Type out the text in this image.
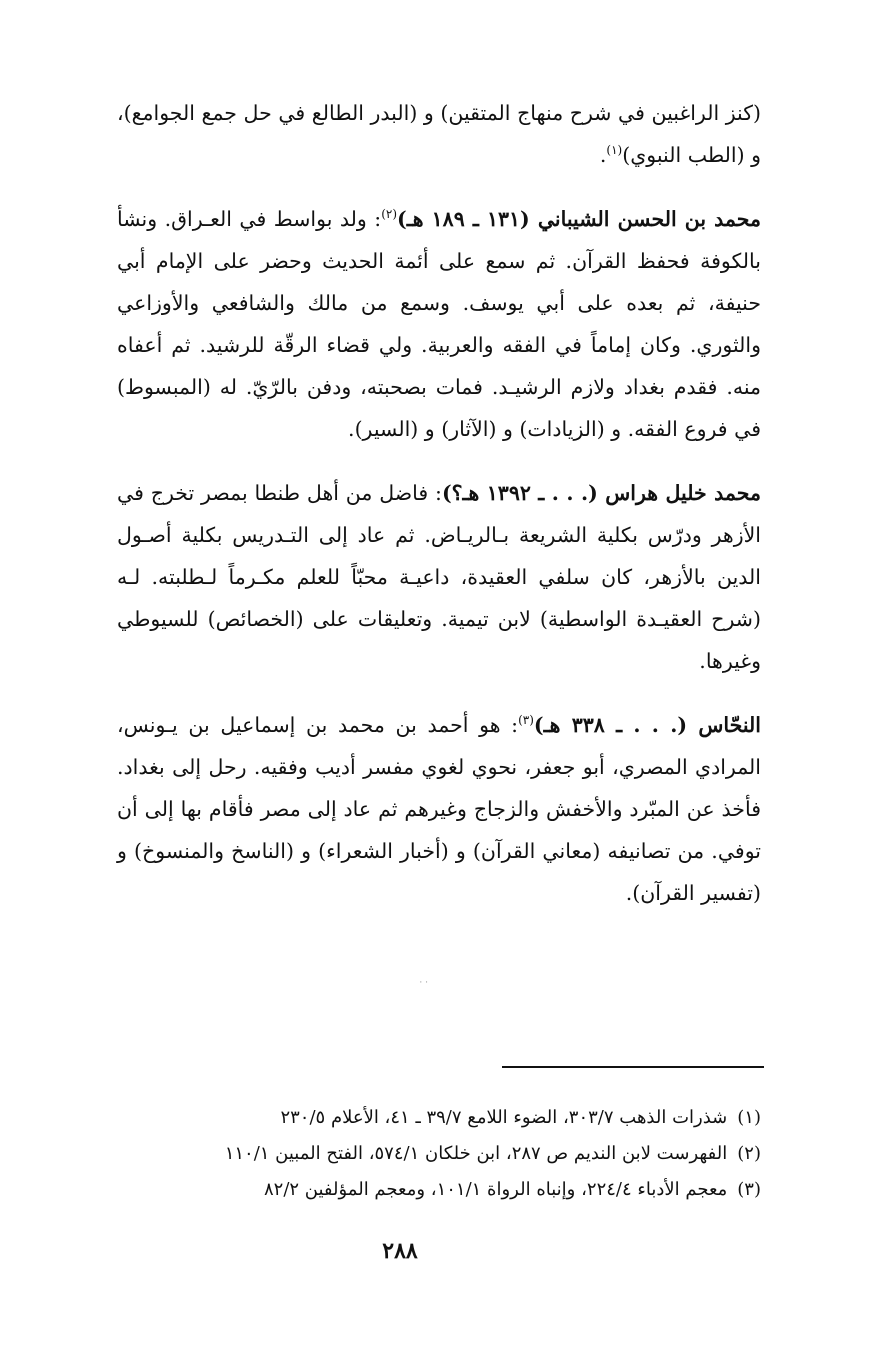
(كنز الراغبين في شرح منهاج المتقين) و (البدر الطالع في حل جمع الجوامع)، و (الطب النبوي)$^{(١)}$.

محمد بن الحسن الشيباني (١٣١ ـ ١٨٩ هـ)$^{(٢)}$: ولد بواسط في العـراق. ونشأ بالكوفة فحفظ القرآن. ثم سمع على أئمة الحديث وحضر على الإمام أبي حنيفة، ثم بعده على أبي يوسف. وسمع من مالك والشافعي والأوزاعي والثوري. وكان إماماً في الفقه والعربية. ولي قضاء الرقّة للرشيد. ثم أعفاه منه. فقدم بغداد ولازم الرشيـد. فمات بصحبته، ودفن بالرّيّ. له (المبسوط) في فروع الفقه. و (الزيادات) و (الآثار) و (السير).

محمد خليل هراس (. . . ـ ١٣٩٢ هـ؟): فاضل من أهل طنطا بمصر تخرج في الأزهر ودرّس بكلية الشريعة بـالريـاض. ثم عاد إلى التـدريس بكلية أصـول الدين بالأزهر، كان سلفي العقيدة، داعيـة محبّاً للعلم مكـرماً لـطلبته. لـه (شرح العقيـدة الواسطية) لابن تيمية. وتعليقات على (الخصائص) للسيوطي وغيرها.

النحّاس (. . . ـ ٣٣٨ هـ)$^{(٣)}$: هو أحمد بن محمد بن إسماعيل بن يـونس، المرادي المصري، أبو جعفر، نحوي لغوي مفسر أديب وفقيه. رحل إلى بغداد. فأخذ عن المبّرد والأخفش والزجاج وغيرهم ثم عاد إلى مصر فأقام بها إلى أن توفي. من تصانيفه (معاني القرآن) و (أخبار الشعراء) و (الناسخ والمنسوخ) و (تفسير القرآن).

· ·
(١)شذرات الذهب ٣٠٣/٧، الضوء اللامع ٣٩/٧ ـ ٤١، الأعلام ٢٣٠/٥
(٢)الفهرست لابن النديم ص ٢٨٧، ابن خلكان ٥٧٤/١، الفتح المبين ١١٠/١
(٣)معجم الأدباء ٢٢٤/٤، وإنباه الرواة ١٠١/١، ومعجم المؤلفين ٨٢/٢
٢٨٨
